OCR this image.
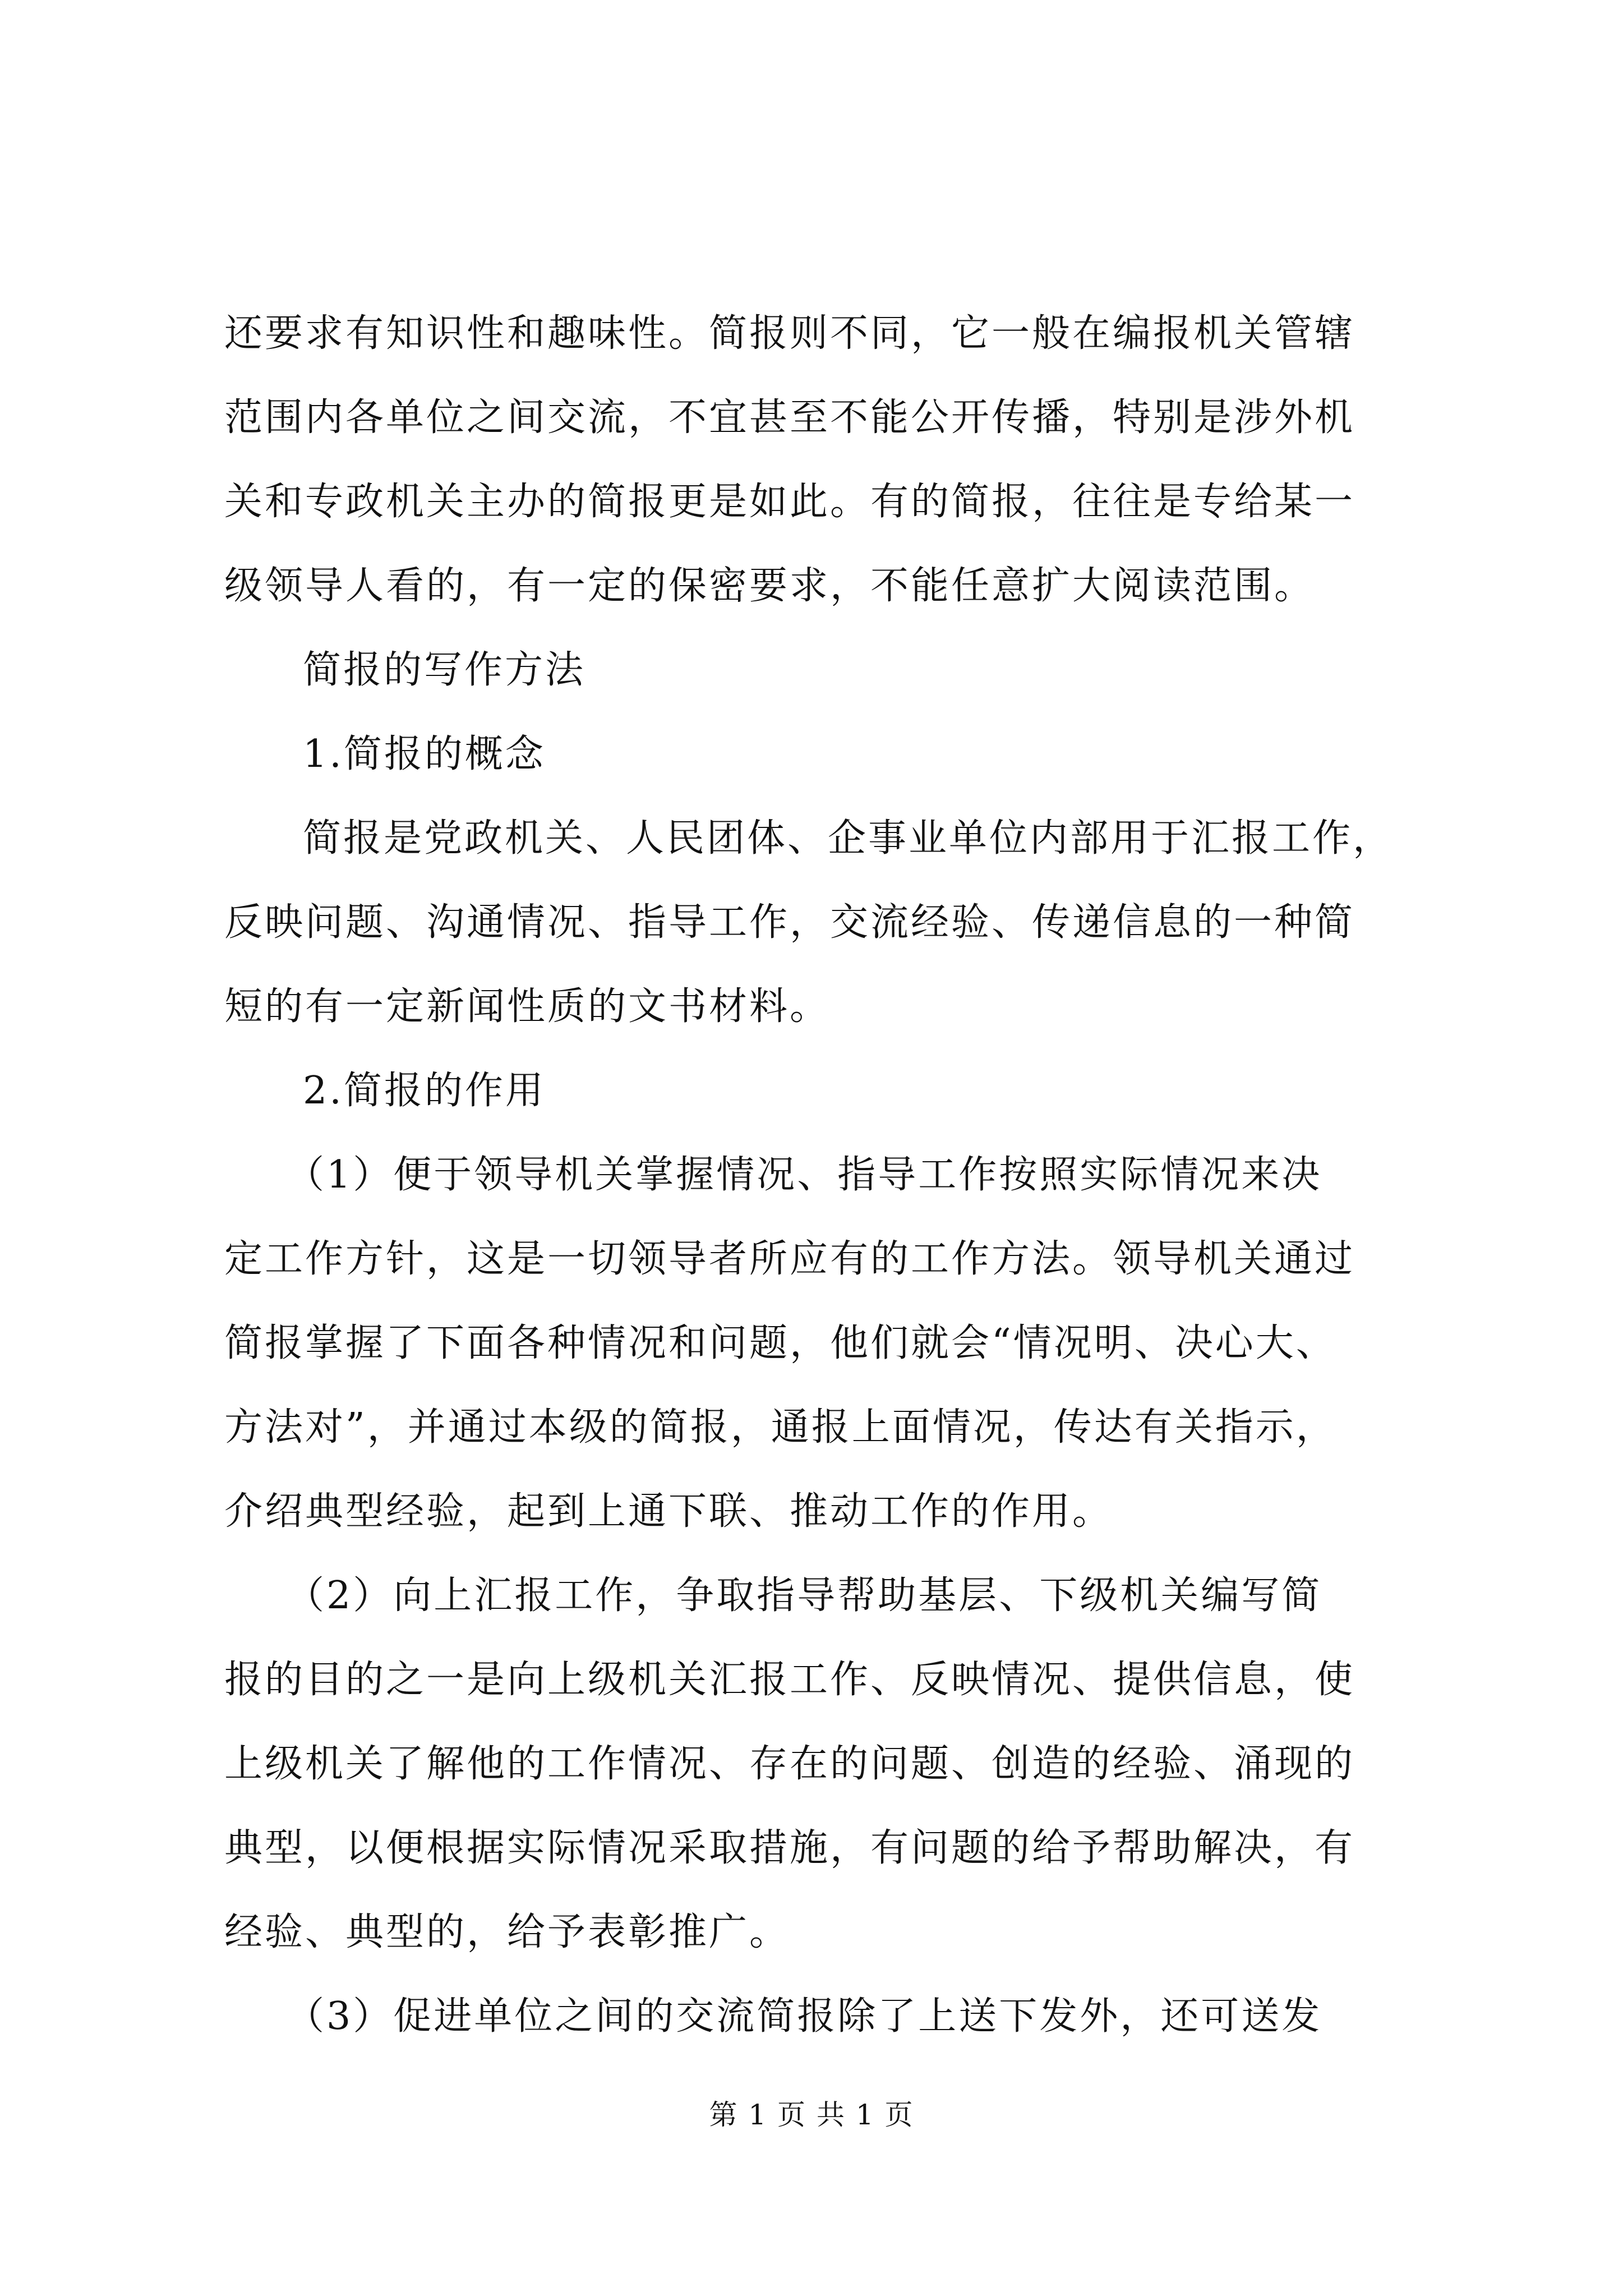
还要求有知识性和趣味性。简报则不同，它一般在编报机关管辖
范围内各单位之间交流，不宜甚至不能公开传播，特别是涉外机
关和专政机关主办的简报更是如此。有的简报，往往是专给某一
级领导人看的，有一定的保密要求，不能任意扩大阅读范围。
简报的写作方法
1.简报的概念
简报是党政机关、人民团体、企事业单位内部用于汇报工作，
反映问题、沟通情况、指导工作，交流经验、传递信息的一种简
短的有一定新闻性质的文书材料。
2.简报的作用
（1）便于领导机关掌握情况、指导工作按照实际情况来决
定工作方针，这是一切领导者所应有的工作方法。领导机关通过
简报掌握了下面各种情况和问题，他们就会“情况明、决心大、
方法对”，并通过本级的简报，通报上面情况，传达有关指示，
介绍典型经验，起到上通下联、推动工作的作用。
（2）向上汇报工作，争取指导帮助基层、下级机关编写简
报的目的之一是向上级机关汇报工作、反映情况、提供信息，使
上级机关了解他的工作情况、存在的问题、创造的经验、涌现的
典型，以便根据实际情况采取措施，有问题的给予帮助解决，有
经验、典型的，给予表彰推广。
（3）促进单位之间的交流简报除了上送下发外，还可送发
第 1 页 共 1 页
